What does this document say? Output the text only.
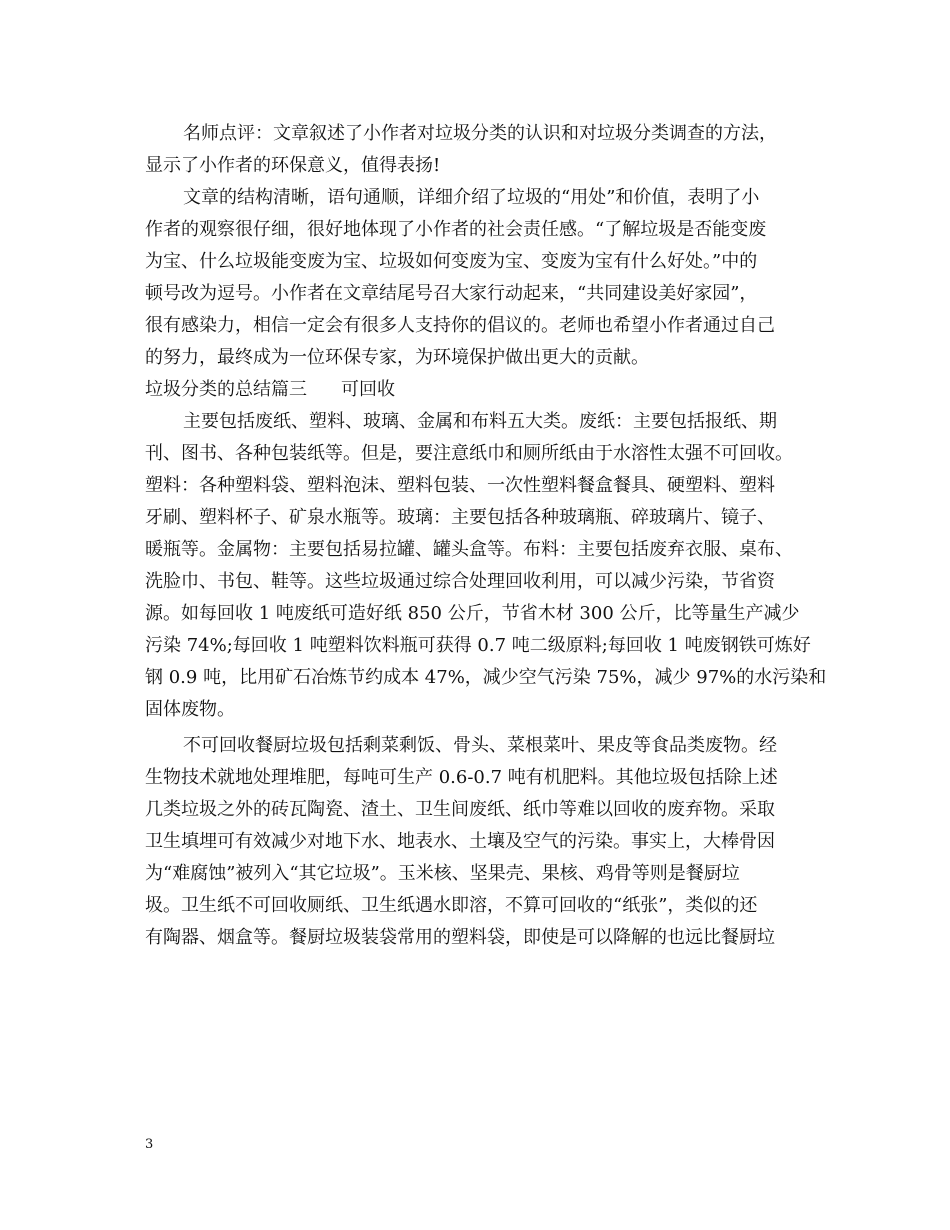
名师点评：文章叙述了小作者对垃圾分类的认识和对垃圾分类调查的方法，
显示了小作者的环保意义，值得表扬!
文章的结构清晰，语句通顺，详细介绍了垃圾的“用处”和价值，表明了小
作者的观察很仔细，很好地体现了小作者的社会责任感。“了解垃圾是否能变废
为宝、什么垃圾能变废为宝、垃圾如何变废为宝、变废为宝有什么好处。”中的
顿号改为逗号。小作者在文章结尾号召大家行动起来，“共同建设美好家园”，
很有感染力，相信一定会有很多人支持你的倡议的。老师也希望小作者通过自己
的努力，最终成为一位环保专家，为环境保护做出更大的贡献。
垃圾分类的总结篇三 可回收
主要包括废纸、塑料、玻璃、金属和布料五大类。废纸：主要包括报纸、期
刊、图书、各种包装纸等。但是，要注意纸巾和厕所纸由于水溶性太强不可回收。
塑料：各种塑料袋、塑料泡沫、塑料包装、一次性塑料餐盒餐具、硬塑料、塑料
牙刷、塑料杯子、矿泉水瓶等。玻璃：主要包括各种玻璃瓶、碎玻璃片、镜子、
暖瓶等。金属物：主要包括易拉罐、罐头盒等。布料：主要包括废弃衣服、桌布、
洗脸巾、书包、鞋等。这些垃圾通过综合处理回收利用，可以减少污染，节省资
源。如每回收 1 吨废纸可造好纸 850 公斤，节省木材 300 公斤，比等量生产减少
污染 74%;每回收 1 吨塑料饮料瓶可获得 0.7 吨二级原料;每回收 1 吨废钢铁可炼好
钢 0.9 吨，比用矿石冶炼节约成本 47%，减少空气污染 75%，减少 97%的水污染和
固体废物。
不可回收餐厨垃圾包括剩菜剩饭、骨头、菜根菜叶、果皮等食品类废物。经
生物技术就地处理堆肥，每吨可生产 0.6-0.7 吨有机肥料。其他垃圾包括除上述
几类垃圾之外的砖瓦陶瓷、渣土、卫生间废纸、纸巾等难以回收的废弃物。采取
卫生填埋可有效减少对地下水、地表水、土壤及空气的污染。事实上，大棒骨因
为“难腐蚀”被列入“其它垃圾”。玉米核、坚果壳、果核、鸡骨等则是餐厨垃
圾。卫生纸不可回收厕纸、卫生纸遇水即溶，不算可回收的“纸张”，类似的还
有陶器、烟盒等。餐厨垃圾装袋常用的塑料袋，即使是可以降解的也远比餐厨垃
3
